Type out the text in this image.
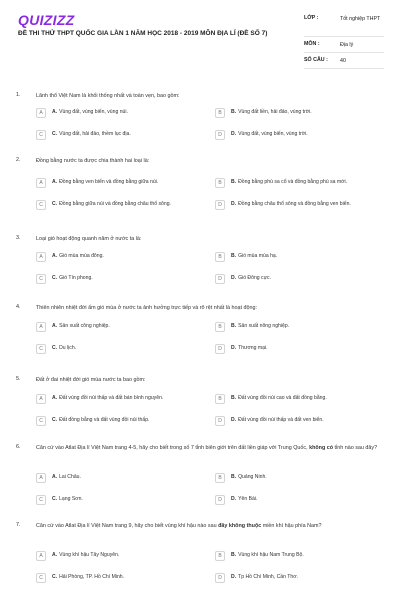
QUIZIZZ
ĐỀ THI THỬ THPT QUỐC GIA LẦN 1 NĂM HỌC 2018 - 2019 MÔN ĐỊA LÍ (ĐỀ SỐ 7)
LỚP :	Tốt nghiệp THPT
MÔN :	Địa lý
SỐ CÂU : 40
1.	Lãnh thổ Việt Nam là khối thống nhất và toàn vẹn, bao gồm:
A	A. Vùng đất, vùng biển, vùng núi.	B	B. Vùng đất liền, hải đảo, vùng trời.
C	C. Vùng đất, hải đảo, thềm lục địa.	D	D. Vùng đất, vùng biển, vùng trời.
2.	Đồng bằng nước ta được chia thành hai loại là:
A	A. Đồng bằng ven biển và đồng bằng giữa núi.	B	B. Đồng bằng phù sa cổ và đồng bằng phù sa mới.
C	C. Đồng bằng giữa núi và đồng bằng châu thổ sông.	D	D. Đồng bằng châu thổ sông và đồng bằng ven biển.
3.	Loại gió hoạt động quanh năm ở nước ta là:
A	A. Gió mùa mùa đông.	B	B. Gió mùa mùa hạ.
C	C. Gió Tín phong.	D	D. Gió Đông cực.
4.	Thiên nhiên nhiệt đới ẩm gió mùa ở nước ta ảnh hưởng trực tiếp và rõ rệt nhất là hoạt động:
A	A. Sản xuất công nghiệp.	B	B. Sản xuất nông nghiệp.
C	C. Du lịch.	D	D. Thương mại.
5.	Đất ở đai nhiệt đới gió mùa nước ta bao gồm:
A	A. Đất vùng đồi núi thấp và đất bán bình nguyên.	B	B. Đất vùng đồi núi cao và đất đồng bằng.
C	C. Đất đồng bằng và đất vùng đồi núi thấp.	D	D. Đất vùng đồi núi thấp và đất ven biển.
6.	Căn cứ vào Atlat Địa lí Việt Nam trang 4-5, hãy cho biết trong số 7 tỉnh biên giới trên đất liền giáp với Trung Quốc, không có tỉnh nào sau đây?
A	A. Lai Châu.	B	B. Quảng Ninh.
C	C. Lạng Sơn.	D	D. Yên Bái.
7.	Căn cứ vào Atlat Địa lí Việt Nam trang 9, hãy cho biết vùng khí hậu nào sau đây không thuộc miền khí hậu phía Nam?
A	A. Vùng khí hậu Tây Nguyên.	B	B. Vùng khí hậu Nam Trung Bộ.
C	C. Hải Phòng, TP. Hồ Chí Minh.	D	D. Tp Hồ Chí Minh, Cần Thơ.
